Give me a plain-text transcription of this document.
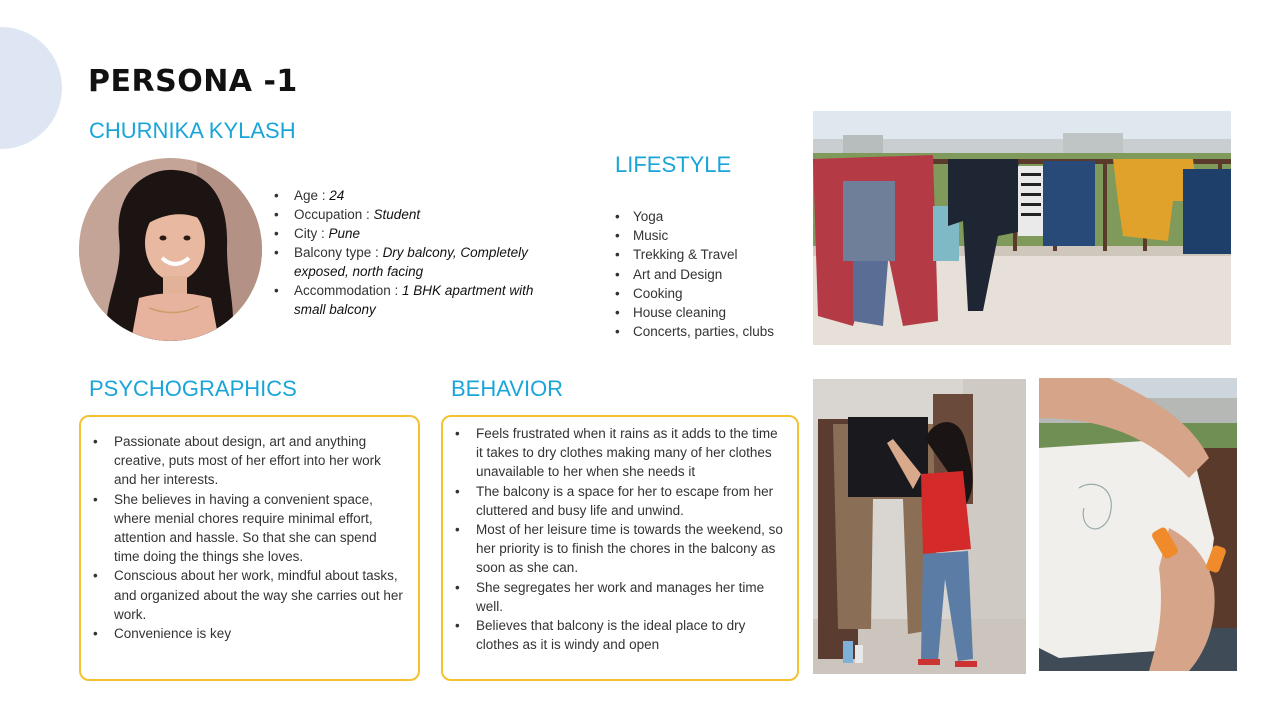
PERSONA -1
CHURNIKA KYLASH
• Age : 24
• Occupation : Student
• City : Pune
• Balcony type : Dry balcony, Completely exposed, north facing
• Accommodation : 1 BHK apartment with small balcony
LIFESTYLE
• Yoga
• Music
• Trekking & Travel
• Art and Design
• Cooking
• House cleaning
• Concerts, parties, clubs
PSYCHOGRAPHICS
• Passionate about design, art and anything creative, puts most of her effort into her work and her interests.
• She believes in having a convenient space, where menial chores require minimal effort, attention and hassle. So that she can spend time doing the things she loves.
• Conscious about her work, mindful about tasks, and organized about the way she carries out her work.
• Convenience is key
BEHAVIOR
• Feels frustrated when it rains as it adds to the time it takes to dry clothes making many of her clothes unavailable to her when she needs it
• The balcony is a space for her to escape from her cluttered and busy life and unwind.
• Most of her leisure time is towards the weekend, so her priority is to finish the chores in the balcony as soon as she can.
• She segregates her work and manages her time well.
• Believes that balcony is the ideal place to dry clothes as it is windy and open
